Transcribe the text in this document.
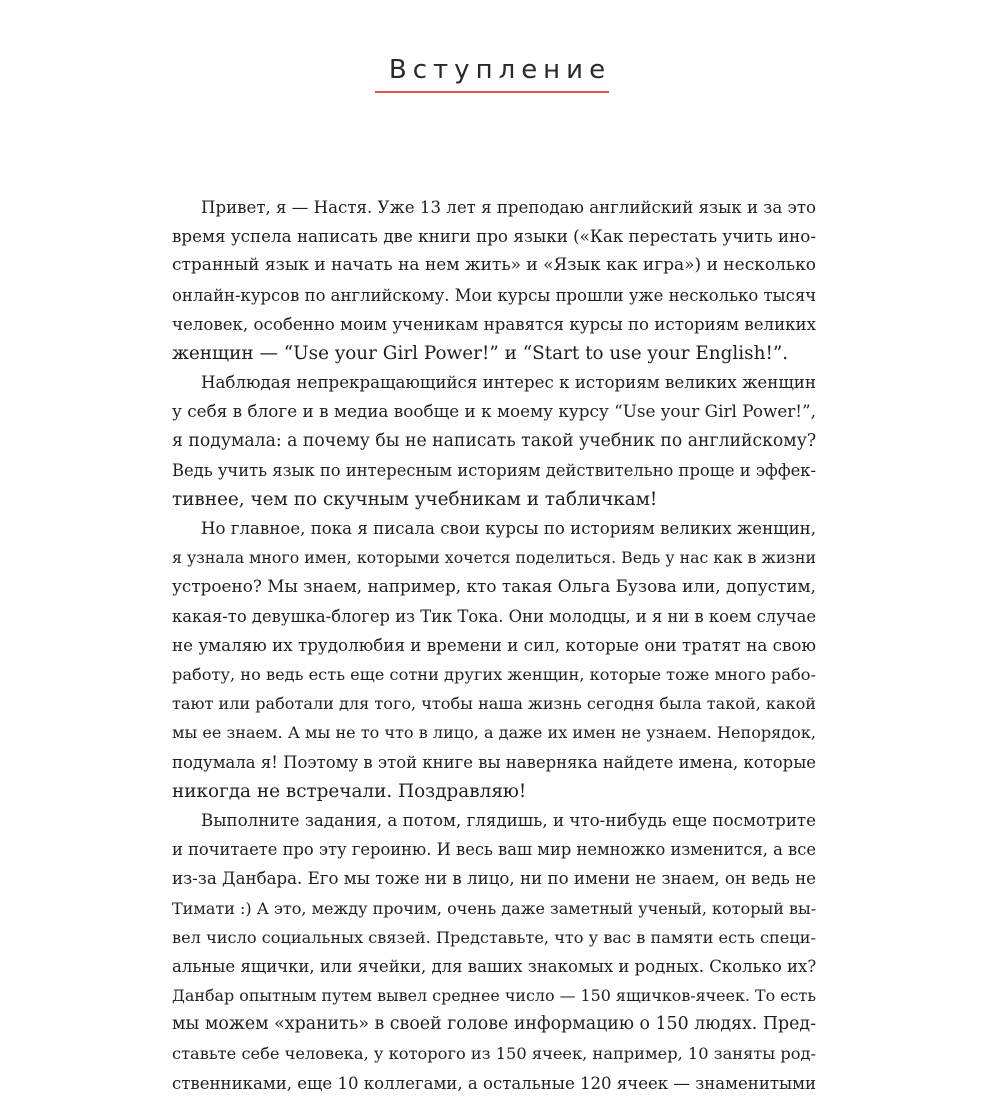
Вступление
Привет, я — Настя. Уже 13 лет я преподаю английский язык и за это
время успела написать две книги про языки («Как перестать учить ино-
странный язык и начать на нем жить» и «Язык как игра») и несколько
онлайн-курсов по английскому. Мои курсы прошли уже несколько тысяч
человек, особенно моим ученикам нравятся курсы по историям великих
женщин — “Use your Girl Power!” и “Start to use your English!”.
Наблюдая непрекращающийся интерес к историям великих женщин
у себя в блоге и в медиа вообще и к моему курсу “Use your Girl Power!”,
я подумала: а почему бы не написать такой учебник по английскому?
Ведь учить язык по интересным историям действительно проще и эффек-
тивнее, чем по скучным учебникам и табличкам!
Но главное, пока я писала свои курсы по историям великих женщин,
я узнала много имен, которыми хочется поделиться. Ведь у нас как в жизни
устроено? Мы знаем, например, кто такая Ольга Бузова или, допустим,
какая-то девушка-блогер из Тик Тока. Они молодцы, и я ни в коем случае
не умаляю их трудолюбия и времени и сил, которые они тратят на свою
работу, но ведь есть еще сотни других женщин, которые тоже много рабо-
тают или работали для того, чтобы наша жизнь сегодня была такой, какой
мы ее знаем. А мы не то что в лицо, а даже их имен не узнаем. Непорядок,
подумала я! Поэтому в этой книге вы наверняка найдете имена, которые
никогда не встречали. Поздравляю!
Выполните задания, а потом, глядишь, и что-нибудь еще посмотрите
и почитаете про эту героиню. И весь ваш мир немножко изменится, а все
из-за Данбара. Его мы тоже ни в лицо, ни по имени не знаем, он ведь не
Тимати :) А это, между прочим, очень даже заметный ученый, который вы-
вел число социальных связей. Представьте, что у вас в памяти есть специ-
альные ящички, или ячейки, для ваших знакомых и родных. Сколько их?
Данбар опытным путем вывел среднее число — 150 ящичков-ячеек. То есть
мы можем «хранить» в своей голове информацию о 150 людях. Пред-
ставьте себе человека, у которого из 150 ячеек, например, 10 заняты род-
ственниками, еще 10 коллегами, а остальные 120 ячеек — знаменитыми
